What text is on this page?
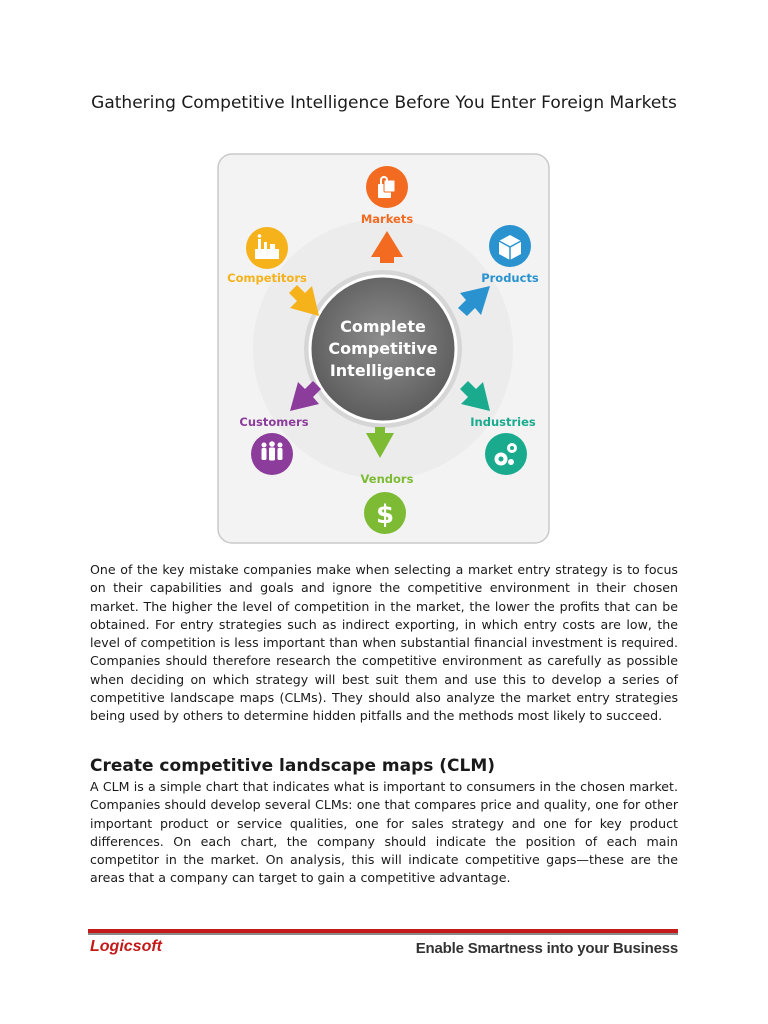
Gathering Competitive Intelligence Before You Enter Foreign Markets
Complete
Competitive
Intelligence
Markets
Products
Industries
$
Vendors
Customers
Competitors
One of the key mistake companies make when selecting a market entry strategy is to focus on their capabilities and goals and ignore the competitive environment in their chosen market. The higher the level of competition in the market, the lower the profits that can be obtained. For entry strategies such as indirect exporting, in which entry costs are low, the level of competition is less important than when substantial financial investment is required. Companies should therefore research the competitive environment as carefully as possible when deciding on which strategy will best suit them and use this to develop a series of competitive landscape maps (CLMs). They should also analyze the market entry strategies being used by others to determine hidden pitfalls and the methods most likely to succeed.
Create competitive landscape maps (CLM)
A CLM is a simple chart that indicates what is important to consumers in the chosen market. Companies should develop several CLMs: one that compares price and quality, one for other important product or service qualities, one for sales strategy and one for key product differences. On each chart, the company should indicate the position of each main competitor in the market. On analysis, this will indicate competitive gaps—these are the areas that a company can target to gain a competitive advantage.
Logicsoft	Enable Smartness into your Business
